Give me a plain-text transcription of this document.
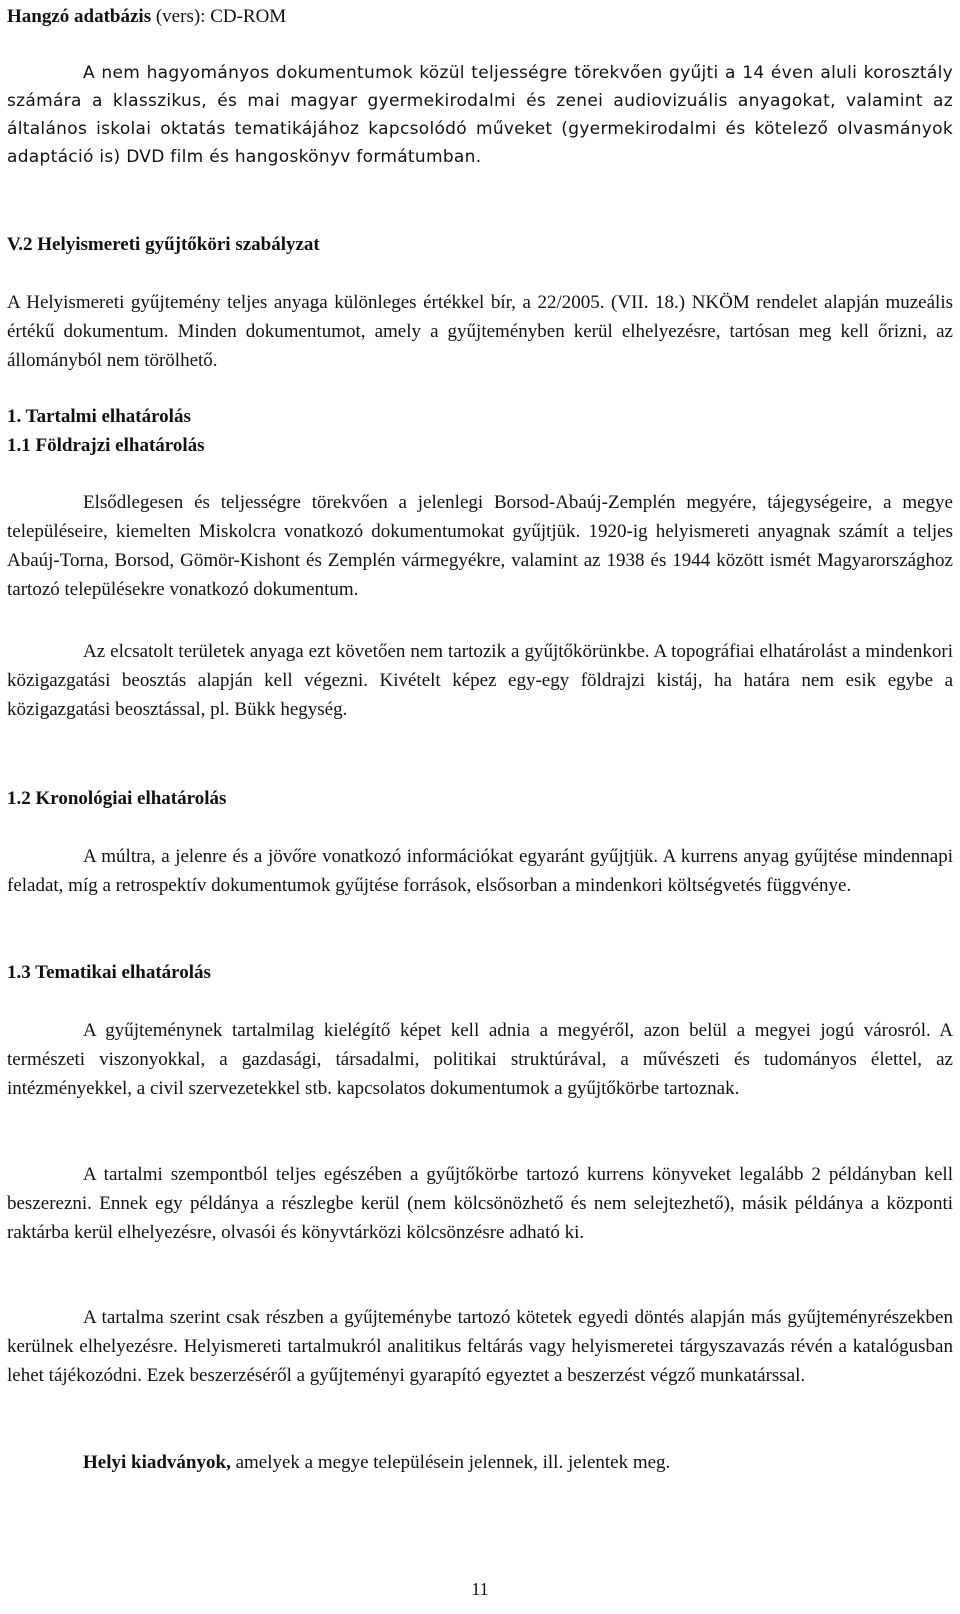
Hangzó adatbázis (vers): CD-ROM

A nem hagyományos dokumentumok közül teljességre törekvően gyűjti a 14 éven aluli korosztály számára a klasszikus, és mai magyar gyermekirodalmi és zenei audiovizuális anyagokat, valamint az általános iskolai oktatás tematikájához kapcsolódó műveket (gyermekirodalmi és kötelező olvasmányok adaptáció is) DVD film és hangoskönyv formátumban.

V.2 Helyismereti gyűjtőköri szabályzat

A Helyismereti gyűjtemény teljes anyaga különleges értékkel bír, a 22/2005. (VII. 18.) NKÖM rendelet alapján muzeális értékű dokumentum. Minden dokumentumot, amely a gyűjteményben kerül elhelyezésre, tartósan meg kell őrizni, az állományból nem törölhető.

1. Tartalmi elhatárolás

1.1 Földrajzi elhatárolás

Elsődlegesen és teljességre törekvően a jelenlegi Borsod-Abaúj-Zemplén megyére, tájegységeire, a megye településeire, kiemelten Miskolcra vonatkozó dokumentumokat gyűjtjük. 1920-ig helyismereti anyagnak számít a teljes Abaúj-Torna, Borsod, Gömör-Kishont és Zemplén vármegyékre, valamint az 1938 és 1944 között ismét Magyarországhoz tartozó településekre vonatkozó dokumentum.

Az elcsatolt területek anyaga ezt követően nem tartozik a gyűjtőkörünkbe. A topográfiai elhatárolást a mindenkori közigazgatási beosztás alapján kell végezni. Kivételt képez egy-egy földrajzi kistáj, ha határa nem esik egybe a közigazgatási beosztással, pl. Bükk hegység.

1.2 Kronológiai elhatárolás

A múltra, a jelenre és a jövőre vonatkozó információkat egyaránt gyűjtjük. A kurrens anyag gyűjtése mindennapi feladat, míg a retrospektív dokumentumok gyűjtése források, elsősorban a mindenkori költségvetés függvénye.

1.3 Tematikai elhatárolás

A gyűjteménynek tartalmilag kielégítő képet kell adnia a megyéről, azon belül a megyei jogú városról. A természeti viszonyokkal, a gazdasági, társadalmi, politikai struktúrával, a művészeti és tudományos élettel, az intézményekkel, a civil szervezetekkel stb. kapcsolatos dokumentumok a gyűjtőkörbe tartoznak.

A tartalmi szempontból teljes egészében a gyűjtőkörbe tartozó kurrens könyveket legalább 2 példányban kell beszerezni. Ennek egy példánya a részlegbe kerül (nem kölcsönözhető és nem selejtezhető), másik példánya a központi raktárba kerül elhelyezésre, olvasói és könyvtárközi kölcsönzésre adható ki.

A tartalma szerint csak részben a gyűjteménybe tartozó kötetek egyedi döntés alapján más gyűjteményrészekben kerülnek elhelyezésre. Helyismereti tartalmukról analitikus feltárás vagy helyismeretei tárgyszavazás révén a katalógusban lehet tájékozódni. Ezek beszerzéséről a gyűjteményi gyarapító egyeztet a beszerzést végző munkatárssal.

Helyi kiadványok, amelyek a megye településein jelennek, ill. jelentek meg.

11
